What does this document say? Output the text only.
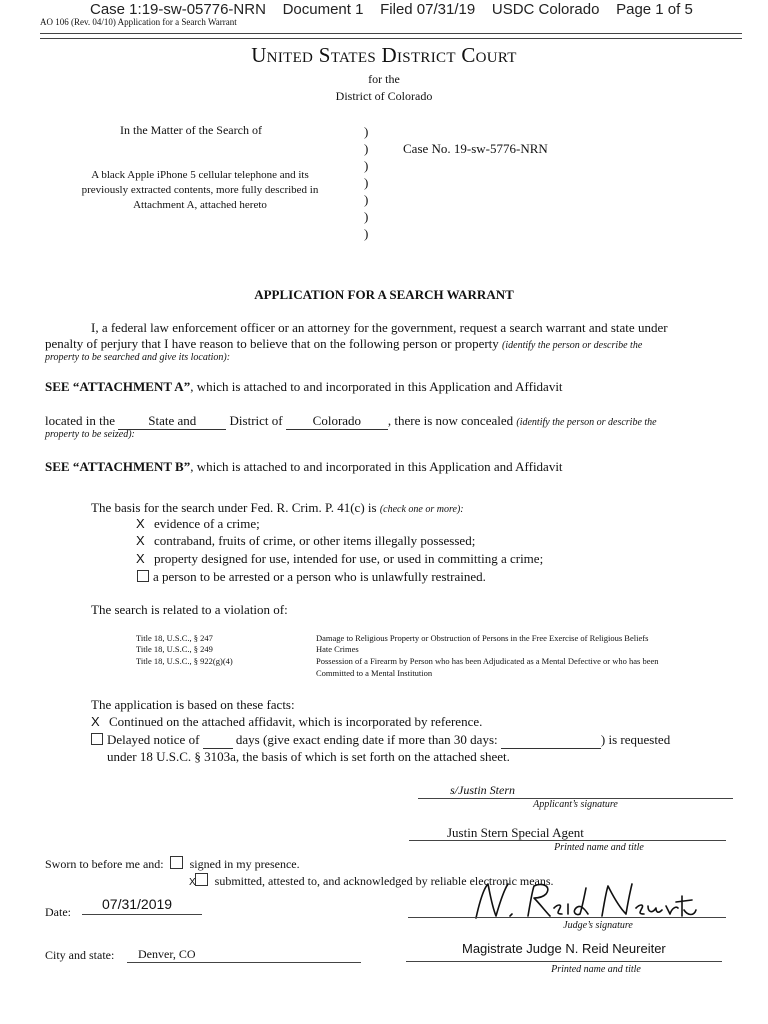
Case 1:19-sw-05776-NRN Document 1 Filed 07/31/19 USDC Colorado Page 1 of 5
AO 106 (Rev. 04/10) Application for a Search Warrant
United States District Court
for the
District of Colorado
In the Matter of the Search of
A black Apple iPhone 5 cellular telephone and its
previously extracted contents, more fully described in
Attachment A, attached hereto
)
)
)
)
)
)
)
Case No. 19-sw-5776-NRN
APPLICATION FOR A SEARCH WARRANT
I, a federal law enforcement officer or an attorney for the government, request a search warrant and state under
penalty of perjury that I have reason to believe that on the following person or property (identify the person or describe the
property to be searched and give its location):
SEE “ATTACHMENT A”, which is attached to and incorporated in this Application and Affidavit
located in the	State and	District of Colorado , there is now concealed (identify the person or describe the
property to be seized):
SEE “ATTACHMENT B”, which is attached to and incorporated in this Application and Affidavit
The basis for the search under Fed. R. Crim. P. 41(c) is (check one or more):
X evidence of a crime;
X contraband, fruits of crime, or other items illegally possessed;
X property designed for use, intended for use, or used in committing a crime;
a person to be arrested or a person who is unlawfully restrained.
The search is related to a violation of:
Title 18, U.S.C., § 247	Damage to Religious Property or Obstruction of Persons in the Free Exercise of Religious Beliefs
Title 18, U.S.C., § 249	Hate Crimes
Title 18, U.S.C., § 922(g)(4)	Possession of a Firearm by Person who has been Adjudicated as a Mental Defective or who has been
Committed to a Mental Institution
The application is based on these facts:
X Continued on the attached affidavit, which is incorporated by reference.
Delayed notice of	days (give exact ending date if more than 30 days:	) is requested
under 18 U.S.C. § 3103a, the basis of which is set forth on the attached sheet.
s/Justin Stern
Applicant’s signature
Justin Stern Special Agent
Printed name and title
Sworn to before me and: signed in my presence.
X submitted, attested to, and acknowledged by reliable electronic means.
Date: 07/31/2019
Judge’s signature
City and state: Denver, CO	Magistrate Judge N. Reid Neureiter
Printed name and title
